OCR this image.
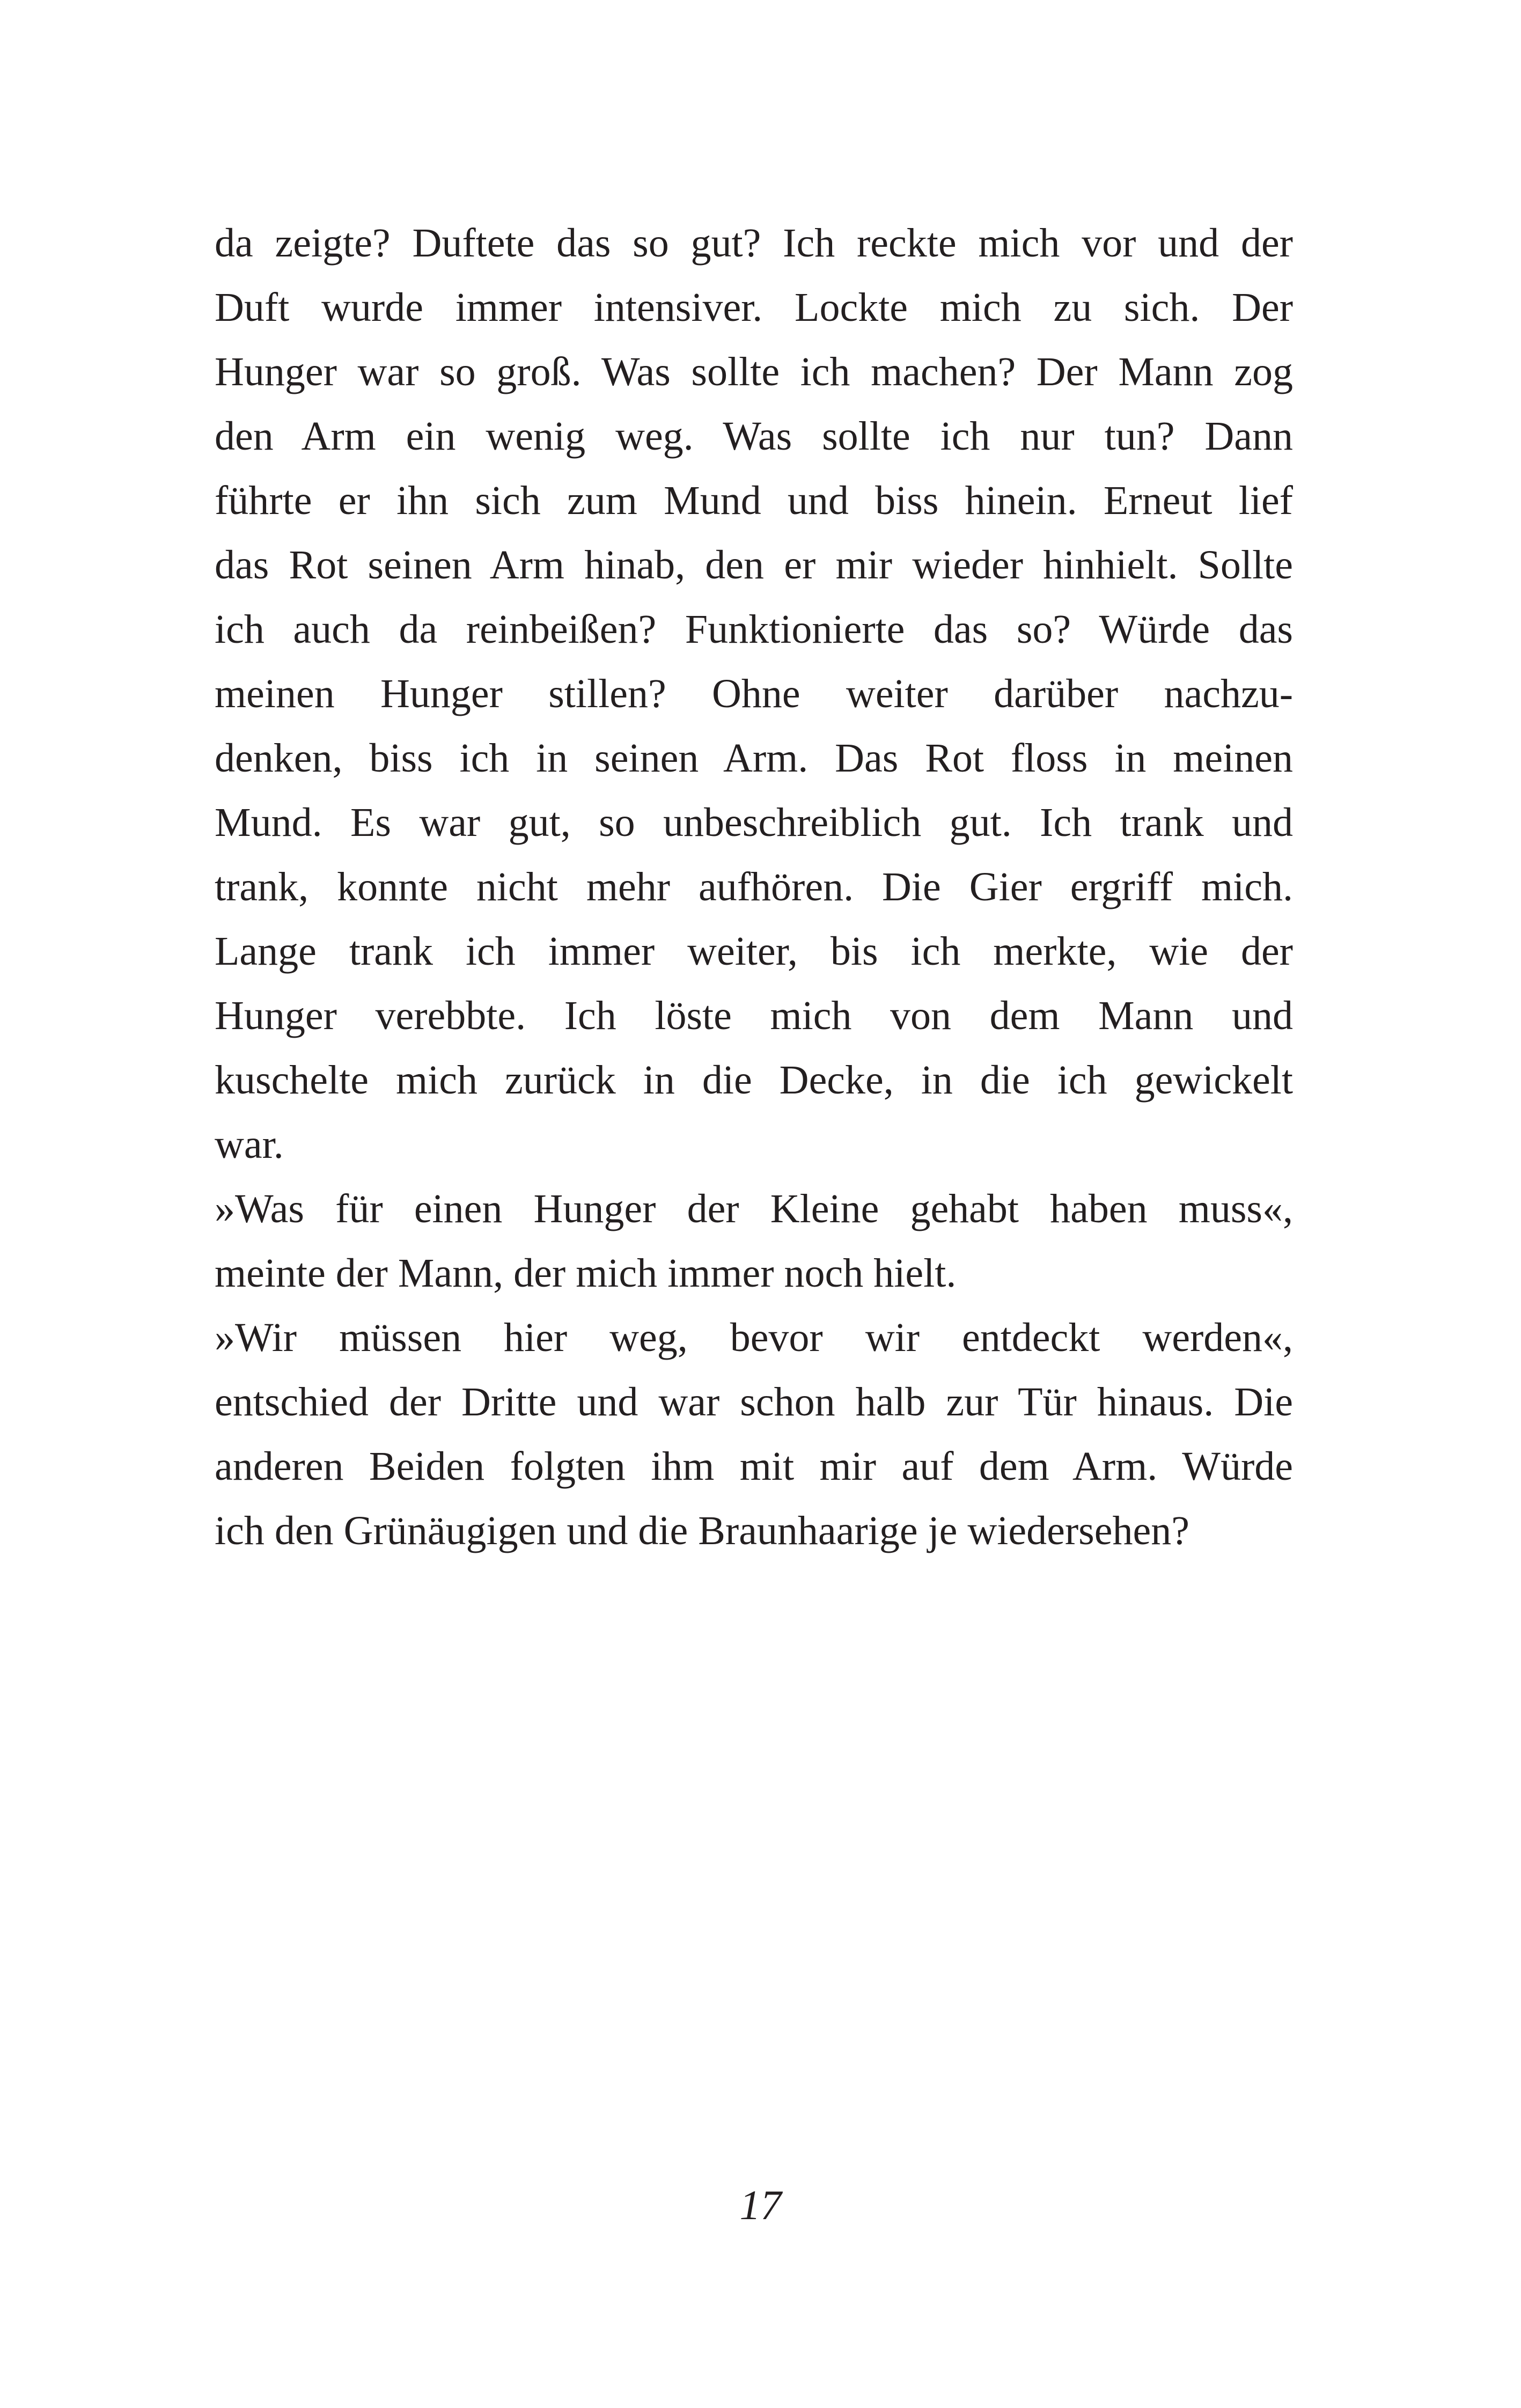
da zeigte? Duftete das so gut? Ich reckte mich vor und der
Duft wurde immer intensiver. Lockte mich zu sich. Der
Hunger war so groß. Was sollte ich machen? Der Mann zog
den Arm ein wenig weg. Was sollte ich nur tun? Dann
führte er ihn sich zum Mund und biss hinein. Erneut lief
das Rot seinen Arm hinab, den er mir wieder hinhielt. Sollte
ich auch da reinbeißen? Funktionierte das so? Würde das
meinen Hunger stillen? Ohne weiter darüber nachzu-
denken, biss ich in seinen Arm. Das Rot floss in meinen
Mund. Es war gut, so unbeschreiblich gut. Ich trank und
trank, konnte nicht mehr aufhören. Die Gier ergriff mich.
Lange trank ich immer weiter, bis ich merkte, wie der
Hunger verebbte. Ich löste mich von dem Mann und
kuschelte mich zurück in die Decke, in die ich gewickelt
war.
»Was für einen Hunger der Kleine gehabt haben muss«,
meinte der Mann, der mich immer noch hielt.
»Wir müssen hier weg, bevor wir entdeckt werden«,
entschied der Dritte und war schon halb zur Tür hinaus. Die
anderen Beiden folgten ihm mit mir auf dem Arm. Würde
ich den Grünäugigen und die Braunhaarige je wiedersehen?
17
